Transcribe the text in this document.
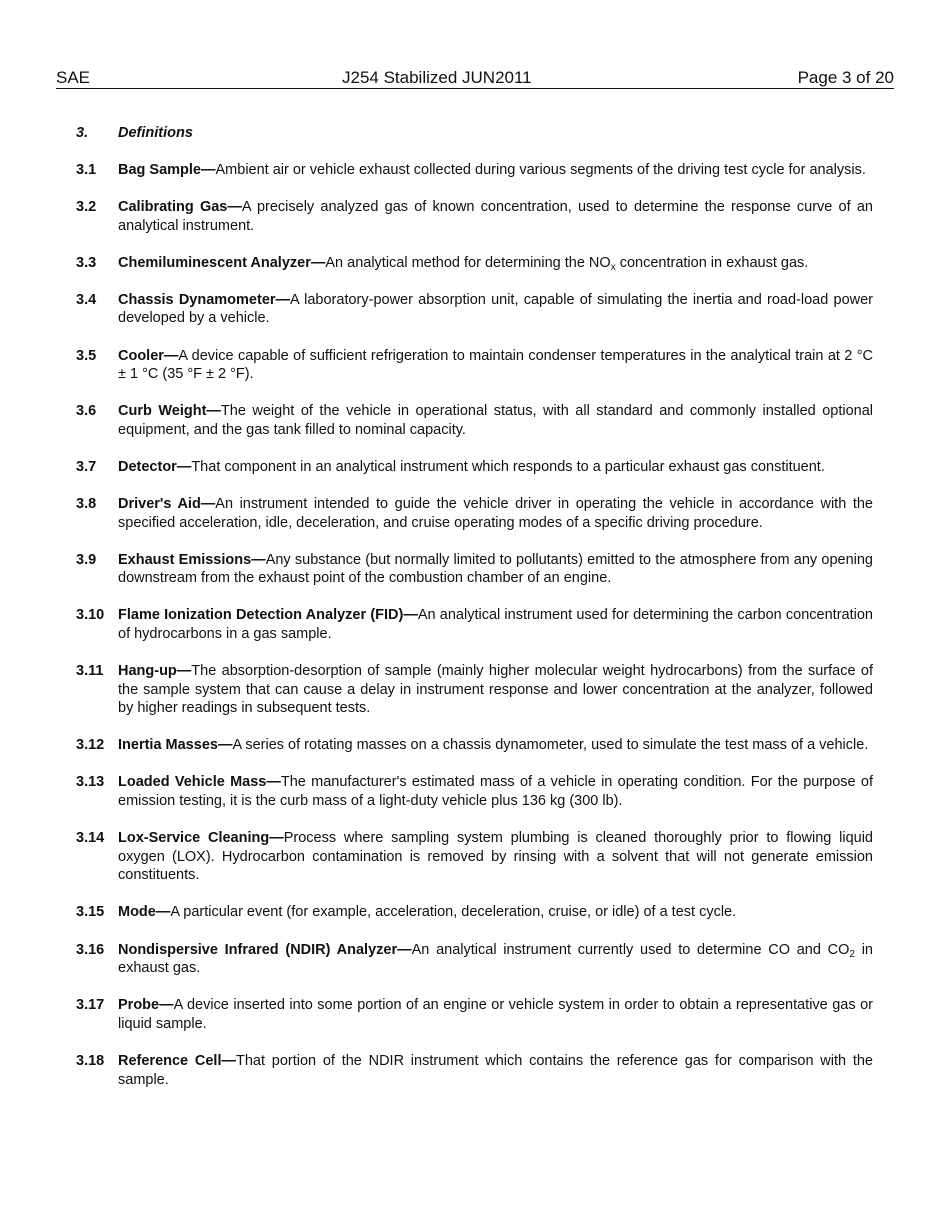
SAE	J254 Stabilized JUN2011	Page 3 of 20
3.	Definitions
3.1	Bag Sample—Ambient air or vehicle exhaust collected during various segments of the driving test cycle for analysis.
3.2	Calibrating Gas—A precisely analyzed gas of known concentration, used to determine the response curve of an analytical instrument.
3.3	Chemiluminescent Analyzer—An analytical method for determining the $NO_x$ concentration in exhaust gas.
3.4	Chassis Dynamometer—A laboratory-power absorption unit, capable of simulating the inertia and road-load power developed by a vehicle.
3.5	Cooler—A device capable of sufficient refrigeration to maintain condenser temperatures in the analytical train at 2 °C ± 1 °C (35 °F ± 2 °F).
3.6	Curb Weight—The weight of the vehicle in operational status, with all standard and commonly installed optional equipment, and the gas tank filled to nominal capacity.
3.7	Detector—That component in an analytical instrument which responds to a particular exhaust gas constituent.
3.8	Driver's Aid—An instrument intended to guide the vehicle driver in operating the vehicle in accordance with the specified acceleration, idle, deceleration, and cruise operating modes of a specific driving procedure.
3.9	Exhaust Emissions—Any substance (but normally limited to pollutants) emitted to the atmosphere from any opening downstream from the exhaust point of the combustion chamber of an engine.
3.10 Flame Ionization Detection Analyzer (FID)—An analytical instrument used for determining the carbon concentration of hydrocarbons in a gas sample.
3.11	Hang-up—The absorption-desorption of sample (mainly higher molecular weight hydrocarbons) from the surface of the sample system that can cause a delay in instrument response and lower concentration at the analyzer, followed by higher readings in subsequent tests.
3.12 Inertia Masses—A series of rotating masses on a chassis dynamometer, used to simulate the test mass of a vehicle.
3.13 Loaded Vehicle Mass—The manufacturer's estimated mass of a vehicle in operating condition. For the purpose of emission testing, it is the curb mass of a light-duty vehicle plus 136 kg (300 lb).
3.14 Lox-Service Cleaning—Process where sampling system plumbing is cleaned thoroughly prior to flowing liquid oxygen (LOX). Hydrocarbon contamination is removed by rinsing with a solvent that will not generate emission constituents.
3.15 Mode—A particular event (for example, acceleration, deceleration, cruise, or idle) of a test cycle.
3.16 Nondispersive Infrared (NDIR) Analyzer—An analytical instrument currently used to determine CO and $CO_2$ in exhaust gas.
3.17 Probe—A device inserted into some portion of an engine or vehicle system in order to obtain a representative gas or liquid sample.
3.18 Reference Cell—That portion of the NDIR instrument which contains the reference gas for comparison with the sample.
